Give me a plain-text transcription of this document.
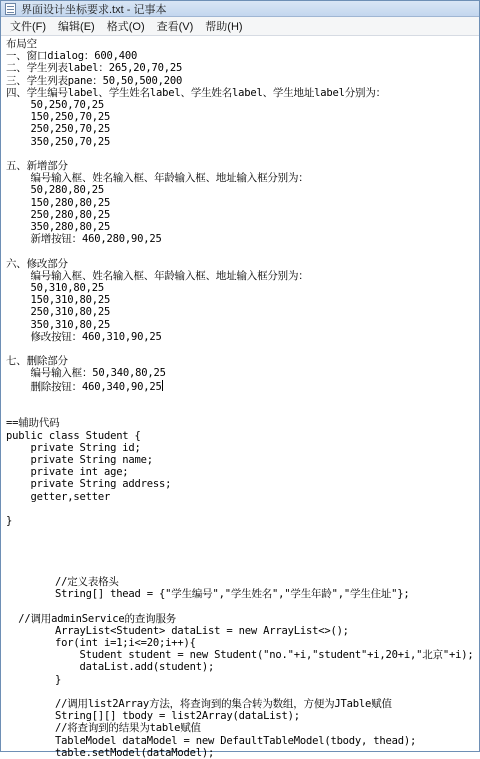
界面设计坐标要求.txt - 记事本
文件(F)	编辑(E)	格式(O)	查看(V)	帮助(H)
布局空
一、窗口dialog：600,400
二、学生列表label：265,20,70,25
三、学生列表pane：50,50,500,200
四、学生编号label、学生姓名label、学生姓名label、学生地址label分别为：
50,250,70,25
150,250,70,25
250,250,70,25
350,250,70,25

五、新增部分
编号输入框、姓名输入框、年龄输入框、地址输入框分别为：
50,280,80,25
150,280,80,25
250,280,80,25
350,280,80,25
新增按钮：460,280,90,25

六、修改部分
编号输入框、姓名输入框、年龄输入框、地址输入框分别为：
50,310,80,25
150,310,80,25
250,310,80,25
350,310,80,25
修改按钮：460,310,90,25

七、删除部分
编号输入框：50,340,80,25
删除按钮：460,340,90,25

==辅助代码
public class Student {
private String id;
private String name;
private int age;
private String address;
getter,setter

}

//定义表格头
String[] thead = {"学生编号","学生姓名","学生年龄","学生住址"};

//调用adminService的查询服务
ArrayList<Student> dataList = new ArrayList<>();
for(int i=1;i<=20;i++){
Student student = new Student("no."+i,"student"+i,20+i,"北京"+i);
dataList.add(student);
}

//调用list2Array方法，将查询到的集合转为数组，方便为JTable赋值
String[][] tbody = list2Array(dataList);
//将查询到的结果为table赋值
TableModel dataModel = new DefaultTableModel(tbody, thead);
table.setModel(dataModel);
